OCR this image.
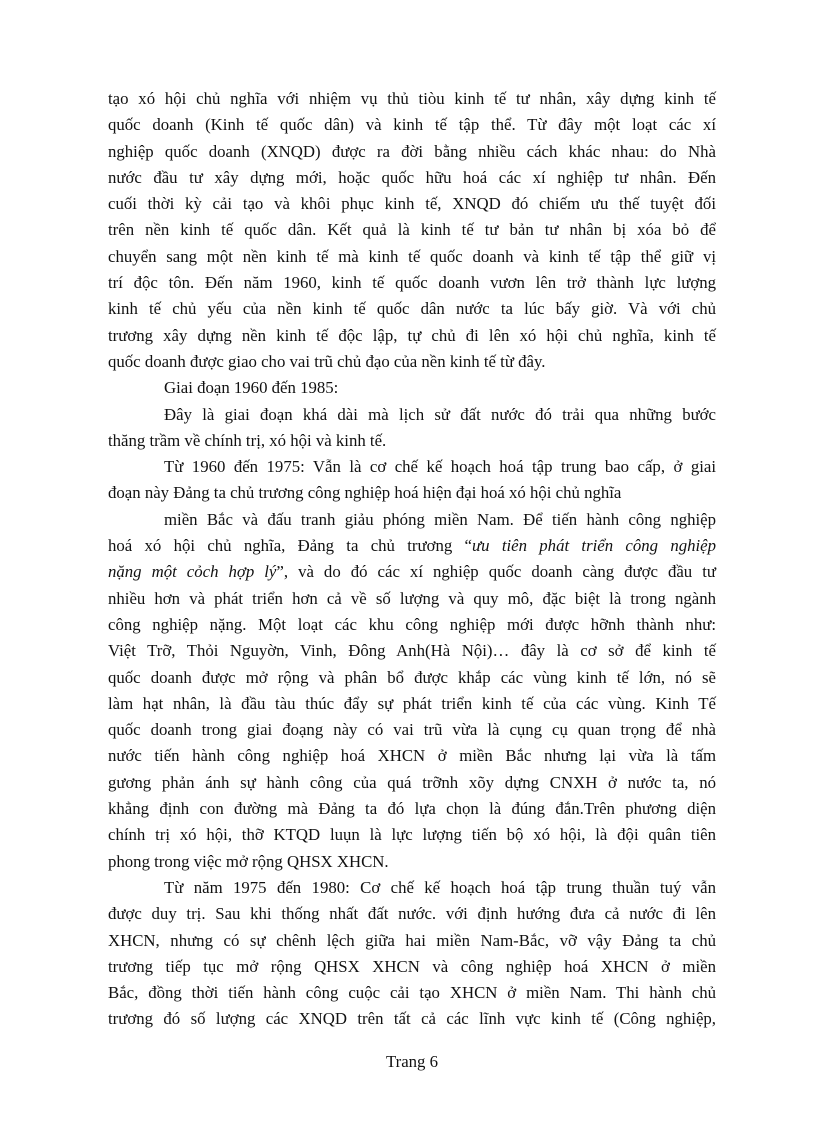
tạo xó hội chủ nghĩa với nhiệm vụ thủ tiòu kinh tế tư nhân, xây dựng kinh tế
quốc doanh (Kinh tế quốc dân) và kinh tế tập thể. Từ đây một loạt các xí
nghiệp quốc doanh (XNQD) được ra đời bằng nhiều cách khác nhau: do Nhà
nước đầu tư xây dựng mới, hoặc quốc hữu hoá các xí nghiệp tư nhân. Đến
cuối thời kỳ cải tạo và khôi phục kinh tế, XNQD đó chiếm ưu thế tuyệt đối
trên nền kinh tế quốc dân. Kết quả là kinh tế tư bản tư nhân bị xóa bỏ để
chuyển sang một nền kinh tế mà kinh tế quốc doanh và kinh tế tập thể giữ vị
trí độc tôn. Đến năm 1960, kinh tế quốc doanh vươn lên trở thành lực lượng
kinh tế chủ yếu của nền kinh tế quốc dân nước ta lúc bấy giờ. Và với chủ
trương xây dựng nền kinh tế độc lập, tự chủ đi lên xó hội chủ nghĩa, kinh tế
quốc doanh được giao cho vai trũ chủ đạo của nền kinh tế từ đây.
Giai đoạn 1960 đến 1985:
Đây là giai đoạn khá dài mà lịch sử đất nước đó trải qua những bước
thăng trầm về chính trị, xó hội và kinh tế.
Từ 1960 đến 1975: Vẫn là cơ chế kế hoạch hoá tập trung bao cấp, ở giai
đoạn này Đảng ta chủ trương công nghiệp hoá hiện đại hoá xó hội chủ nghĩa
miền Bắc và đấu tranh giảu phóng miền Nam. Để tiến hành công nghiệp
hoá xó hội chủ nghĩa, Đảng ta chủ trương “ưu tiên phát triển công nghiệp
nặng một cỏch hợp lý”, và do đó các xí nghiệp quốc doanh càng được đầu tư
nhiều hơn và phát triển hơn cả về số lượng và quy mô, đặc biệt là trong ngành
công nghiệp nặng. Một loạt các khu công nghiệp mới được hỡnh thành như:
Việt Trỡ, Thỏi Nguyờn, Vinh, Đông Anh(Hà Nội)… đây là cơ sở để kinh tế
quốc doanh được mở rộng và phân bổ được khắp các vùng kinh tế lớn, nó sẽ
làm hạt nhân, là đầu tàu thúc đẩy sự phát triển kinh tế của các vùng. Kinh Tế
quốc doanh trong giai đoạng này có vai trũ vừa là cụng cụ quan trọng để nhà
nước tiến hành công nghiệp hoá XHCN ở miền Bắc nhưng lại vừa là tấm
gương phản ánh sự hành công của quá trỡnh xõy dựng CNXH ở nước ta, nó
khẳng định con đường mà Đảng ta đó lựa chọn là đúng đắn.Trên phương diện
chính trị xó hội, thỡ KTQD luụn là lực lượng tiến bộ xó hội, là đội quân tiên
phong trong việc mở rộng QHSX XHCN.
Từ năm 1975 đến 1980: Cơ chế kế hoạch hoá tập trung thuần tuý vẫn
được duy trị. Sau khi thống nhất đất nước. với định hướng đưa cả nước đi lên
XHCN, nhưng có sự chênh lệch giữa hai miền Nam-Bắc, vỡ vậy Đảng ta chủ
trương tiếp tục mở rộng QHSX XHCN và công nghiệp hoá XHCN ở miền
Bắc, đồng thời tiến hành công cuộc cải tạo XHCN ở miền Nam. Thi hành chủ
trương đó số lượng các XNQD trên tất cả các lĩnh vực kinh tế (Công nghiệp,
Trang 6
